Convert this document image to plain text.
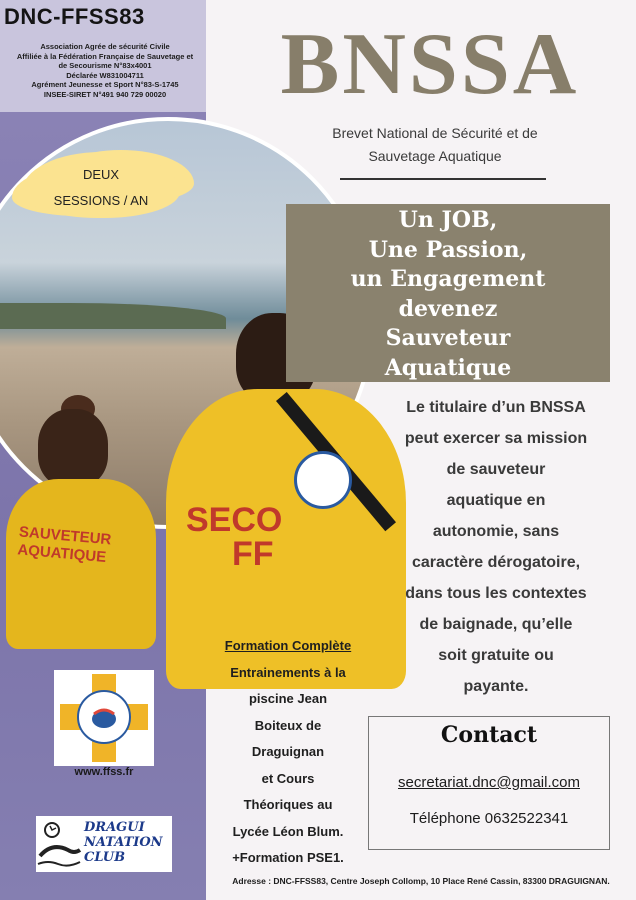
DNC-FFSS83
Association Agrée de sécurité Civile
Affiliée à la Fédération Française de Sauvetage et
de Secourisme N°83x4001
Déclarée W831004711
Agrément Jeunesse et Sport N°83-S-1745
INSEE-SIRET N°491 940 729 00020
SAUVETEUR
AQUATIQUE
SECO
FF
DEUX
SESSIONS / AN
BNSSA
Brevet National de Sécurité et de
Sauvetage Aquatique
Un JOB,
Une Passion,
un Engagement
devenez
Sauveteur
Aquatique
Le titulaire d’un BNSSA
peut exercer sa mission
de sauveteur
aquatique en
autonomie, sans
caractère dérogatoire,
dans tous les contextes
de baignade, qu’elle
soit gratuite ou
payante.
Formation Complète
Entrainements à la
piscine Jean
Boiteux de
Draguignan
et Cours
Théoriques au
Lycée Léon Blum.
+Formation PSE1.
Contact
secretariat.dnc@gmail.com
Téléphone 0632522341
www.ffss.fr
DRAGUI
NATATION
CLUB
Adresse : DNC-FFSS83, Centre Joseph Collomp, 10 Place René Cassin, 83300 DRAGUIGNAN.
